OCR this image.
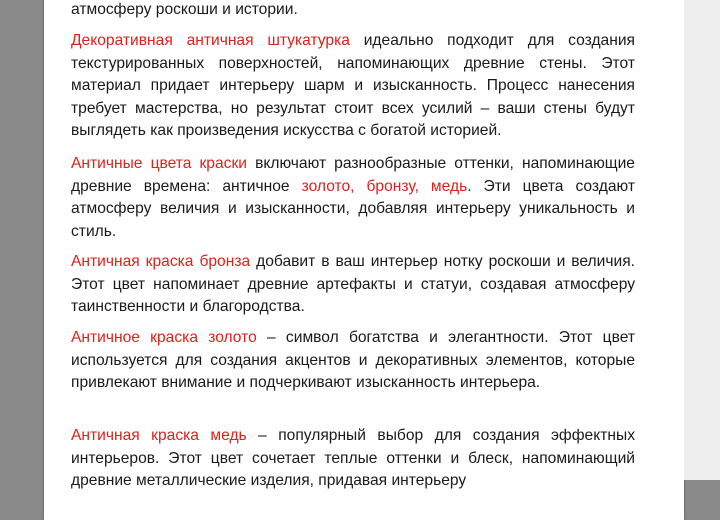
атмосферу роскоши и истории.

Декоративная античная штукатурка идеально подходит для создания текстурированных поверхностей, напоминающих древние стены. Этот материал придает интерьеру шарм и изысканность. Процесс нанесения требует мастерства, но результат стоит всех усилий – ваши стены будут выглядеть как произведения искусства с богатой историей.

Античные цвета краски включают разнообразные оттенки, напоминающие древние времена: античное золото, бронзу, медь. Эти цвета создают атмосферу величия и изысканности, добавляя интерьеру уникальность и стиль.

Античная краска бронза добавит в ваш интерьер нотку роскоши и величия. Этот цвет напоминает древние артефакты и статуи, создавая атмосферу таинственности и благородства.

Античное краска золото – символ богатства и элегантности. Этот цвет используется для создания акцентов и декоративных элементов, которые привлекают внимание и подчеркивают изысканность интерьера.

Античная краска медь – популярный выбор для создания эффектных интерьеров. Этот цвет сочетает теплые оттенки и блеск, напоминающий древние металлические изделия, придавая интерьеру
